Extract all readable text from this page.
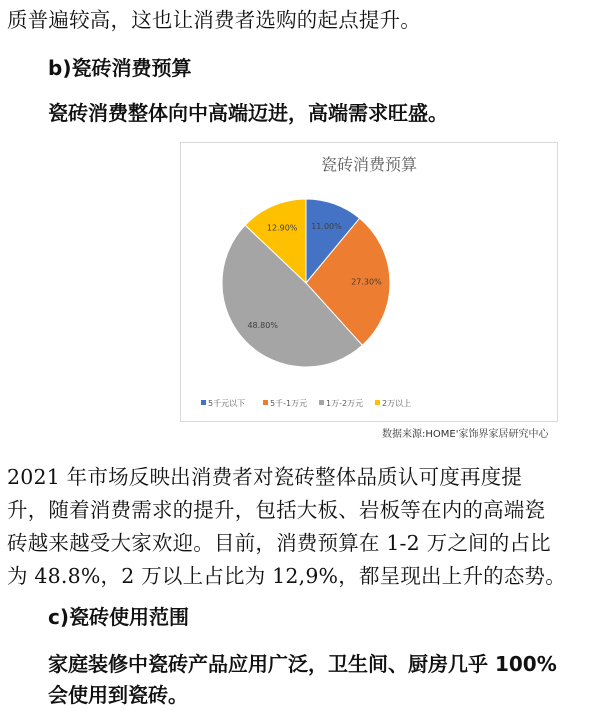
质普遍较高，这也让消费者选购的起点提升。
b)瓷砖消费预算
瓷砖消费整体向中高端迈进，高端需求旺盛。
瓷砖消费预算
11.00%
27.30%
48.80%
12.90%
5千元以下	5千-1万元 1万-2万元 2万以上
数据来源:HOME'家饰界家居研究中心
2021 年市场反映出消费者对瓷砖整体品质认可度再度提
升，随着消费需求的提升，包括大板、岩板等在内的高端瓷
砖越来越受大家欢迎。目前，消费预算在 1-2 万之间的占比
为 48.8%，2 万以上占比为 12,9%，都呈现出上升的态势。
c)瓷砖使用范围
家庭装修中瓷砖产品应用广泛，卫生间、厨房几乎 100%
会使用到瓷砖。
